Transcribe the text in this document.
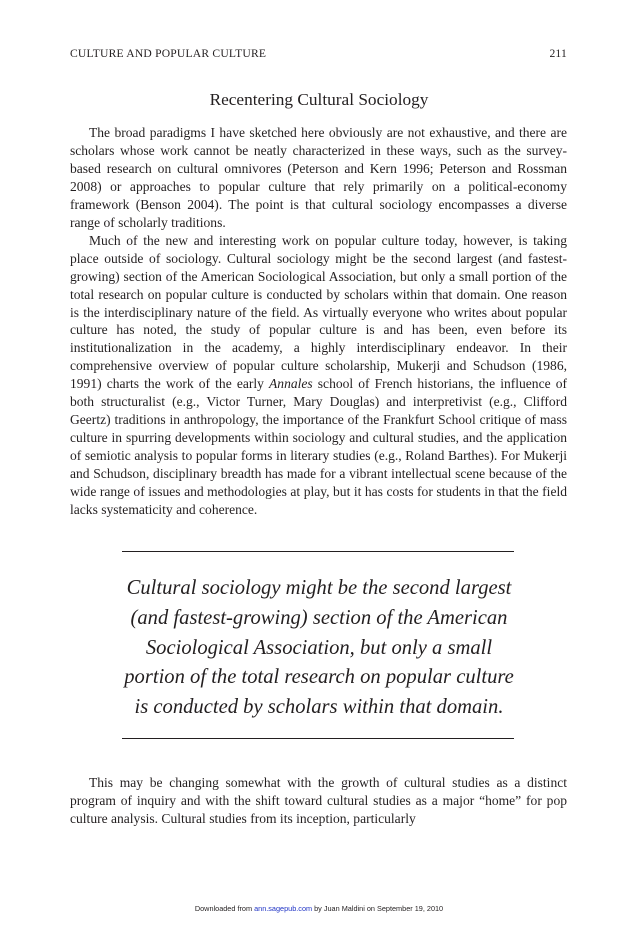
CULTURE AND POPULAR CULTURE	211
Recentering Cultural Sociology

The broad paradigms I have sketched here obviously are not exhaustive, and there are scholars whose work cannot be neatly characterized in these ways, such as the survey-based research on cultural omnivores (Peterson and Kern 1996; Peterson and Rossman 2008) or approaches to popular culture that rely primarily on a political-economy framework (Benson 2004). The point is that cultural sociology encompasses a diverse range of scholarly traditions.

Much of the new and interesting work on popular culture today, however, is taking place outside of sociology. Cultural sociology might be the second largest (and fastest-growing) section of the American Sociological Association, but only a small portion of the total research on popular culture is conducted by scholars within that domain. One reason is the interdisciplinary nature of the field. As virtually everyone who writes about popular culture has noted, the study of popular culture is and has been, even before its institutionalization in the academy, a highly interdisciplinary endeavor. In their comprehensive overview of popular culture scholarship, Mukerji and Schudson (1986, 1991) charts the work of the early Annales school of French historians, the influence of both structuralist (e.g., Victor Turner, Mary Douglas) and interpretivist (e.g., Clifford Geertz) traditions in anthropology, the importance of the Frankfurt School critique of mass culture in spurring developments within sociology and cultural studies, and the application of semiotic analysis to popular forms in literary studies (e.g., Roland Barthes). For Mukerji and Schudson, disciplinary breadth has made for a vibrant intellectual scene because of the wide range of issues and methodologies at play, but it has costs for students in that the field lacks systematicity and coherence.

Cultural sociology might be the second largest
(and fastest-growing) section of the American
Sociological Association, but only a small
portion of the total research on popular culture
is conducted by scholars within that domain.

This may be changing somewhat with the growth of cultural studies as a distinct program of inquiry and with the shift toward cultural studies as a major “home” for pop culture analysis. Cultural studies from its inception, particularly

Downloaded from ann.sagepub.com by Juan Maldini on September 19, 2010
